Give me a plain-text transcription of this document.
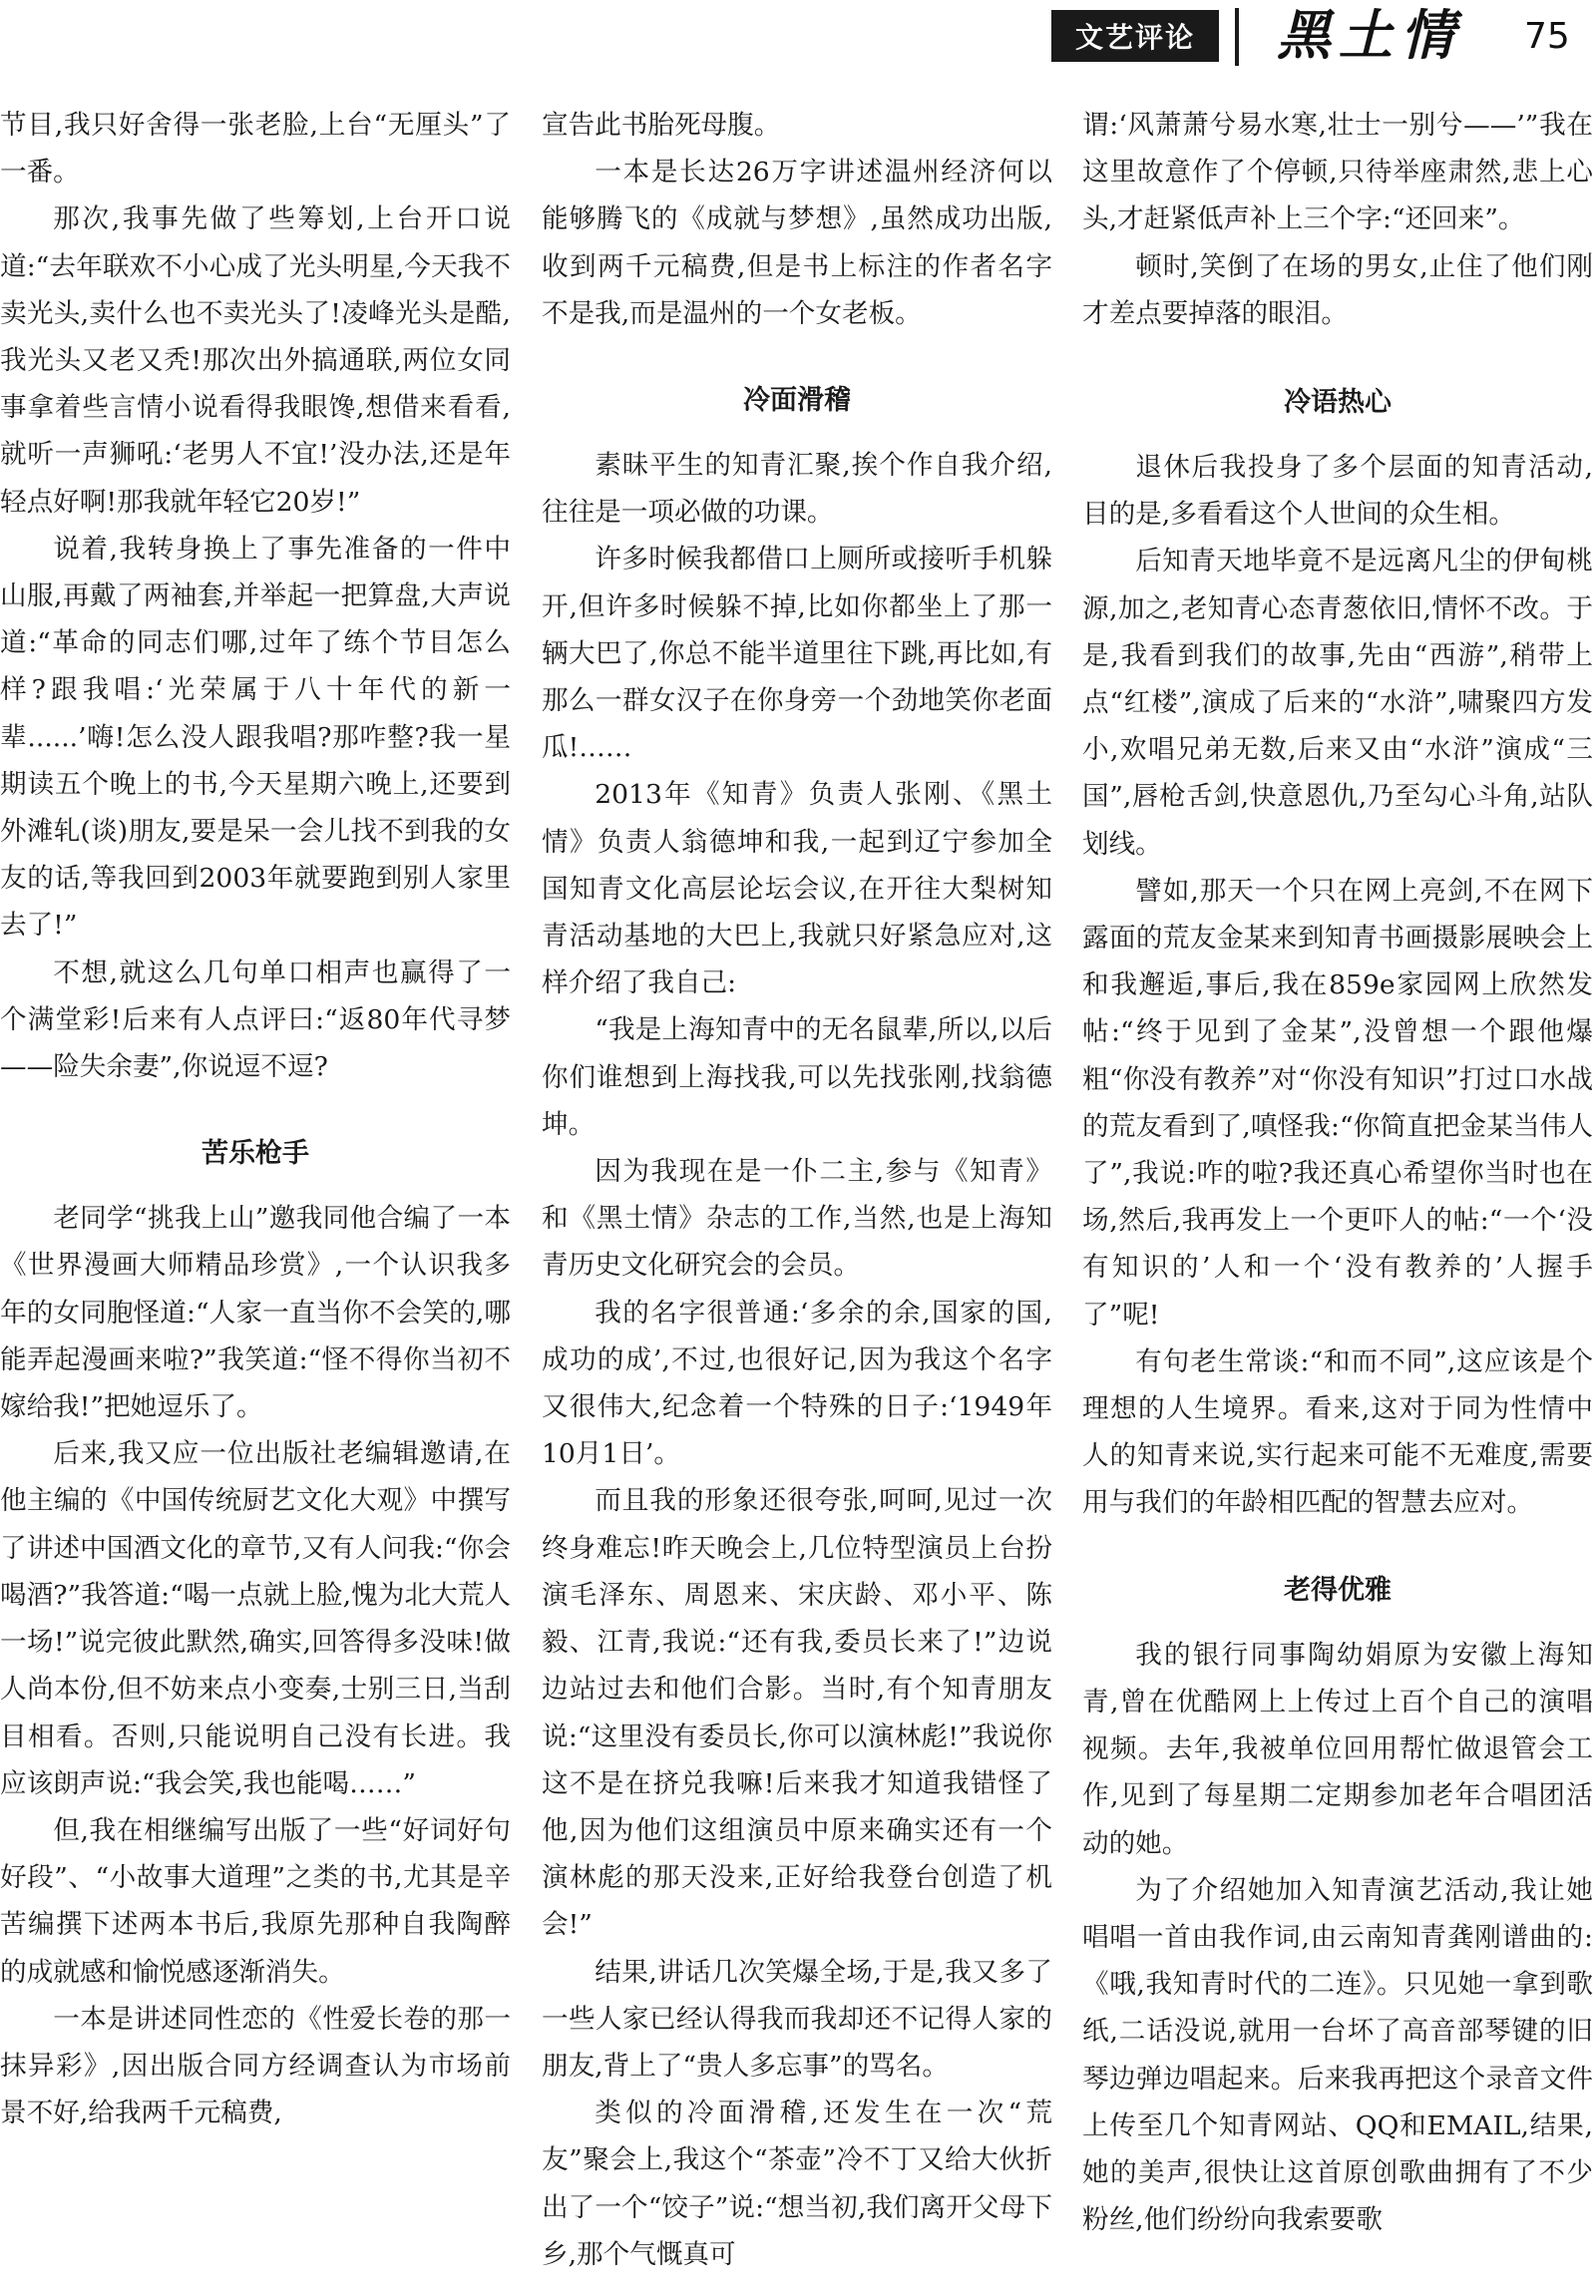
文艺评论	黑土情 75

节目,我只好舍得一张老脸,上台“无厘头”了一番。

那次,我事先做了些筹划,上台开口说道:“去年联欢不小心成了光头明星,今天我不卖光头,卖什么也不卖光头了!凌峰光头是酷,我光头又老又秃!那次出外搞通联,两位女同事拿着些言情小说看得我眼馋,想借来看看,就听一声狮吼:‘老男人不宜!’没办法,还是年轻点好啊!那我就年轻它20岁!”

说着,我转身换上了事先准备的一件中山服,再戴了两袖套,并举起一把算盘,大声说道:“革命的同志们哪,过年了练个节目怎么样?跟我唱:‘光荣属于八十年代的新一辈......’嗨!怎么没人跟我唱?那咋整?我一星期读五个晚上的书,今天星期六晚上,还要到外滩轧(谈)朋友,要是呆一会儿找不到我的女友的话,等我回到2003年就要跑到别人家里去了!”

不想,就这么几句单口相声也赢得了一个满堂彩!后来有人点评曰:“返80年代寻梦——险失余妻”,你说逗不逗?

苦乐枪手

老同学“挑我上山”邀我同他合编了一本《世界漫画大师精品珍赏》,一个认识我多年的女同胞怪道:“人家一直当你不会笑的,哪能弄起漫画来啦?”我笑道:“怪不得你当初不嫁给我!”把她逗乐了。

后来,我又应一位出版社老编辑邀请,在他主编的《中国传统厨艺文化大观》中撰写了讲述中国酒文化的章节,又有人问我:“你会喝酒?”我答道:“喝一点就上脸,愧为北大荒人一场!”说完彼此默然,确实,回答得多没味!做人尚本份,但不妨来点小变奏,士别三日,当刮目相看。否则,只能说明自己没有长进。我应该朗声说:“我会笑,我也能喝……”

但,我在相继编写出版了一些“好词好句好段”、“小故事大道理”之类的书,尤其是辛苦编撰下述两本书后,我原先那种自我陶醉的成就感和愉悦感逐渐消失。

一本是讲述同性恋的《性爱长卷的那一抹异彩》,因出版合同方经调查认为市场前景不好,给我两千元稿费,

宣告此书胎死母腹。

一本是长达26万字讲述温州经济何以能够腾飞的《成就与梦想》,虽然成功出版,收到两千元稿费,但是书上标注的作者名字不是我,而是温州的一个女老板。

冷面滑稽

素昧平生的知青汇聚,挨个作自我介绍,往往是一项必做的功课。

许多时候我都借口上厕所或接听手机躲开,但许多时候躲不掉,比如你都坐上了那一辆大巴了,你总不能半道里往下跳,再比如,有那么一群女汉子在你身旁一个劲地笑你老面瓜!……

2013年《知青》负责人张刚、《黑土情》负责人翁德坤和我,一起到辽宁参加全国知青文化高层论坛会议,在开往大梨树知青活动基地的大巴上,我就只好紧急应对,这样介绍了我自己:

“我是上海知青中的无名鼠辈,所以,以后你们谁想到上海找我,可以先找张刚,找翁德坤。

因为我现在是一仆二主,参与《知青》和《黑土情》杂志的工作,当然,也是上海知青历史文化研究会的会员。

我的名字很普通:‘多余的余,国家的国,成功的成’,不过,也很好记,因为我这个名字又很伟大,纪念着一个特殊的日子:‘1949年10月1日’。

而且我的形象还很夸张,呵呵,见过一次终身难忘!昨天晚会上,几位特型演员上台扮演毛泽东、周恩来、宋庆龄、邓小平、陈毅、江青,我说:“还有我,委员长来了!”边说边站过去和他们合影。当时,有个知青朋友说:“这里没有委员长,你可以演林彪!”我说你这不是在挤兑我嘛!后来我才知道我错怪了他,因为他们这组演员中原来确实还有一个演林彪的那天没来,正好给我登台创造了机会!”

结果,讲话几次笑爆全场,于是,我又多了一些人家已经认得我而我却还不记得人家的朋友,背上了“贵人多忘事”的骂名。

类似的冷面滑稽,还发生在一次“荒友”聚会上,我这个“茶壶”冷不丁又给大伙折出了一个“饺子”说:“想当初,我们离开父母下乡,那个气慨真可

谓:‘风萧萧兮易水寒,壮士一别兮——’”我在这里故意作了个停顿,只待举座肃然,悲上心头,才赶紧低声补上三个字:“还回来”。

顿时,笑倒了在场的男女,止住了他们刚才差点要掉落的眼泪。

冷语热心

退休后我投身了多个层面的知青活动,目的是,多看看这个人世间的众生相。

后知青天地毕竟不是远离凡尘的伊甸桃源,加之,老知青心态青葱依旧,情怀不改。于是,我看到我们的故事,先由“西游”,稍带上点“红楼”,演成了后来的“水浒”,啸聚四方发小,欢唱兄弟无数,后来又由“水浒”演成“三国”,唇枪舌剑,快意恩仇,乃至勾心斗角,站队划线。

譬如,那天一个只在网上亮剑,不在网下露面的荒友金某来到知青书画摄影展映会上和我邂逅,事后,我在859e家园网上欣然发帖:“终于见到了金某”,没曾想一个跟他爆粗“你没有教养”对“你没有知识”打过口水战的荒友看到了,嗔怪我:“你简直把金某当伟人了”,我说:咋的啦?我还真心希望你当时也在场,然后,我再发上一个更吓人的帖:“一个‘没有知识的’人和一个‘没有教养的’人握手了”呢!

有句老生常谈:“和而不同”,这应该是个理想的人生境界。看来,这对于同为性情中人的知青来说,实行起来可能不无难度,需要用与我们的年龄相匹配的智慧去应对。

老得优雅

我的银行同事陶幼娟原为安徽上海知青,曾在优酷网上上传过上百个自己的演唱视频。去年,我被单位回用帮忙做退管会工作,见到了每星期二定期参加老年合唱团活动的她。

为了介绍她加入知青演艺活动,我让她唱唱一首由我作词,由云南知青龚刚谱曲的:《哦,我知青时代的二连》。只见她一拿到歌纸,二话没说,就用一台坏了高音部琴键的旧琴边弹边唱起来。后来我再把这个录音文件上传至几个知青网站、QQ和EMAIL,结果,她的美声,很快让这首原创歌曲拥有了不少粉丝,他们纷纷向我索要歌
